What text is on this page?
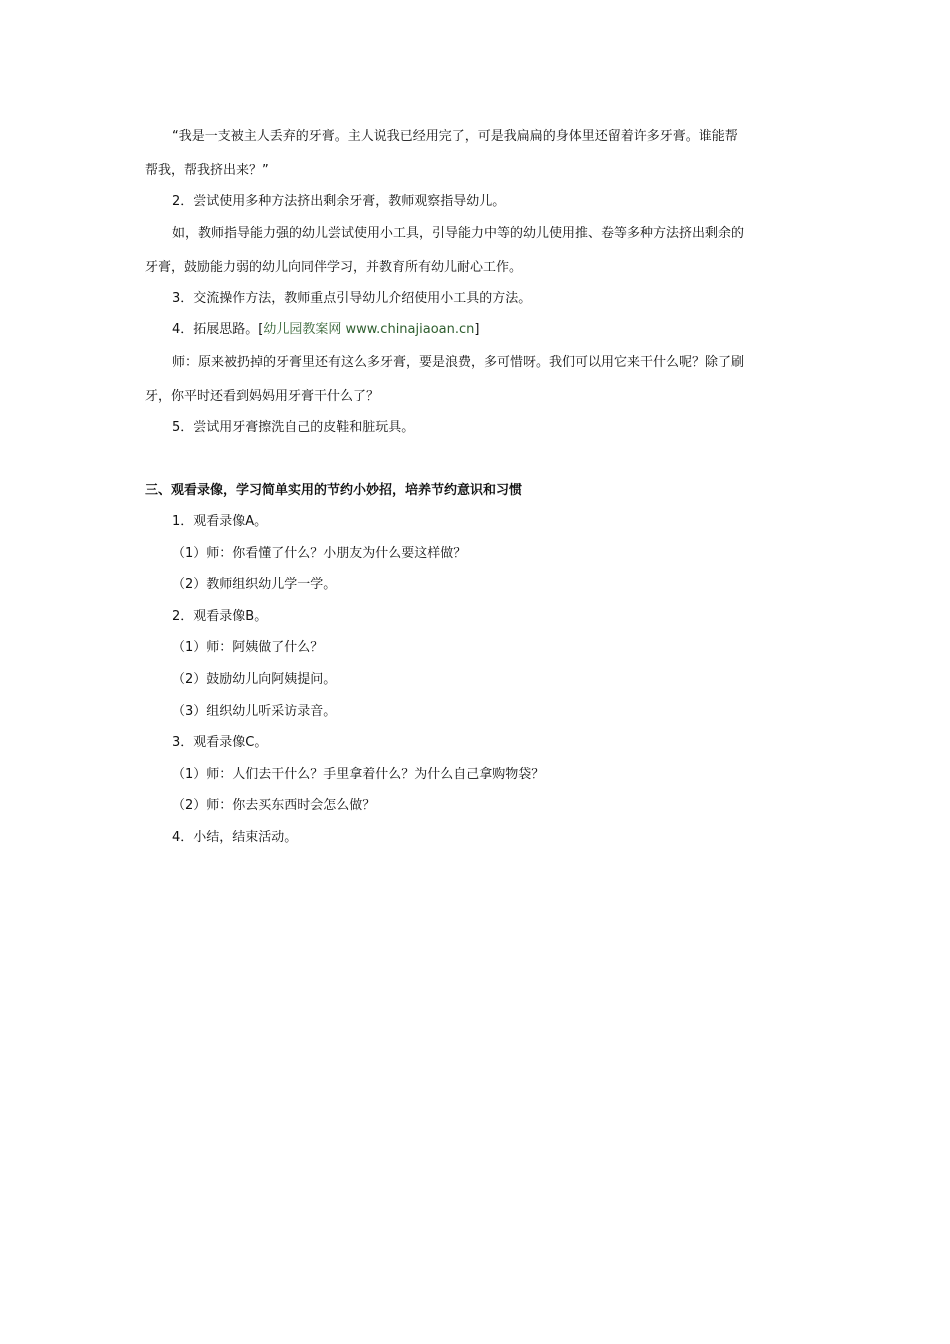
“我是一支被主人丢弃的牙膏。主人说我已经用完了，可是我扁扁的身体里还留着许多牙膏。谁能帮
帮我，帮我挤出来？”
2．尝试使用多种方法挤出剩余牙膏，教师观察指导幼儿。
如，教师指导能力强的幼儿尝试使用小工具，引导能力中等的幼儿使用推、卷等多种方法挤出剩余的
牙膏，鼓励能力弱的幼儿向同伴学习，并教育所有幼儿耐心工作。
3．交流操作方法，教师重点引导幼儿介绍使用小工具的方法。
4．拓展思路。[幼儿园教案网 www.chinajiaoan.cn]
师：原来被扔掉的牙膏里还有这么多牙膏，要是浪费，多可惜呀。我们可以用它来干什么呢？除了刷
牙，你平时还看到妈妈用牙膏干什么了？
5．尝试用牙膏擦洗自己的皮鞋和脏玩具。
三、观看录像，学习简单实用的节约小妙招，培养节约意识和习惯
1．观看录像A。
（1）师：你看懂了什么？小朋友为什么要这样做？
（2）教师组织幼儿学一学。
2．观看录像B。
（1）师：阿姨做了什么？
（2）鼓励幼儿向阿姨提问。
（3）组织幼儿听采访录音。
3．观看录像C。
（1）师：人们去干什么？手里拿着什么？为什么自己拿购物袋？
（2）师：你去买东西时会怎么做？
4．小结，结束活动。
